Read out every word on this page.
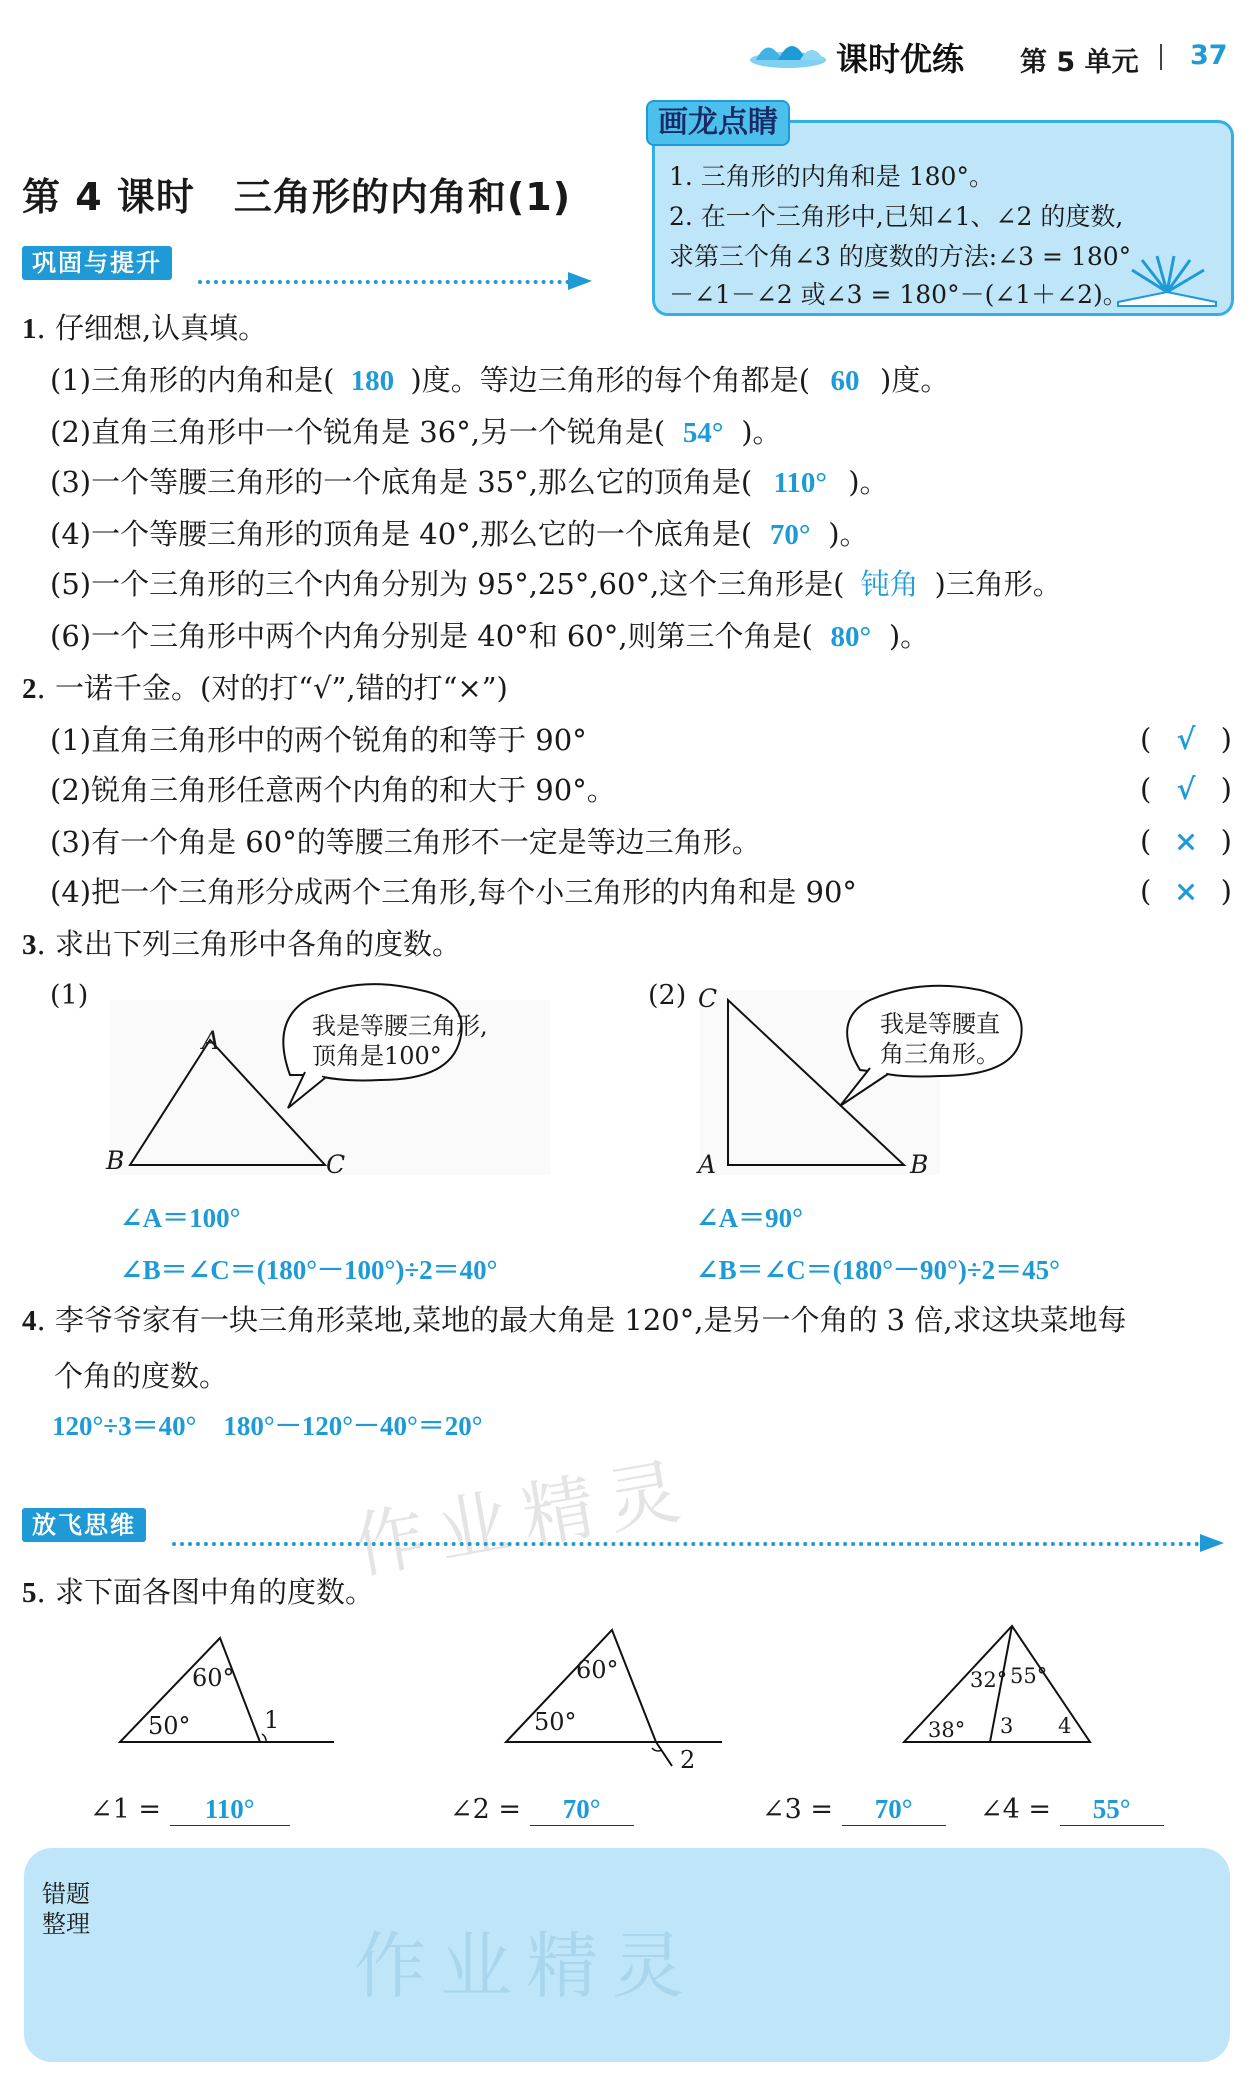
课时优练 第 5 单元 37
第 4 课时　三角形的内角和(1)	1. 三角形的内角和是 180°。
2. 在一个三角形中,已知∠1、∠2 的度数,
求第三个角∠3 的度数的方法:∠3 = 180°
－∠1－∠2 或∠3 = 180°－(∠1＋∠2)。
画龙点睛
巩固与提升
1. 仔细想,认真填。
(1)三角形的内角和是( 180 )度。等边三角形的每个角都是( 60 )度。
(2)直角三角形中一个锐角是 36°,另一个锐角是( 54° )。
(3)一个等腰三角形的一个底角是 35°,那么它的顶角是( 110° )。
(4)一个等腰三角形的顶角是 40°,那么它的一个底角是( 70° )。
(5)一个三角形的三个内角分别为 95°,25°,60°,这个三角形是( 钝角 )三角形。
(6)一个三角形中两个内角分别是 40°和 60°,则第三个角是( 80° )。
2. 一诺千金。(对的打“√”,错的打“×”)
(1)直角三角形中的两个锐角的和等于 90°	( √ )
(2)锐角三角形任意两个内角的和大于 90°。	( √ )
(3)有一个角是 60°的等腰三角形不一定是等边三角形。	( × )
(4)把一个三角形分成两个三角形,每个小三角形的内角和是 90°	( × )
3. 求出下列三角形中各角的度数。
(1)
A
B	C
我是等腰三角形,
顶角是100°
∠A＝100°
∠B＝∠C＝(180°－100°)÷2＝40°
(2) C
A	B
我是等腰直
角三角形。
∠A＝90°
∠B＝∠C＝(180°－90°)÷2＝45°
4. 李爷爷家有一块三角形菜地,菜地的最大角是 120°,是另一个角的 3 倍,求这块菜地每
个角的度数。
120°÷3＝40°　180°－120°－40°＝20°
作业精灵
放飞思维
5. 求下面各图中角的度数。
60°
50°	1
60°
50°
2
32° 55°
38° 3 4
∠1 = 110°	∠2 = 70°	∠3 = 70°	∠4 = 55°
错题
整理	作业精灵
